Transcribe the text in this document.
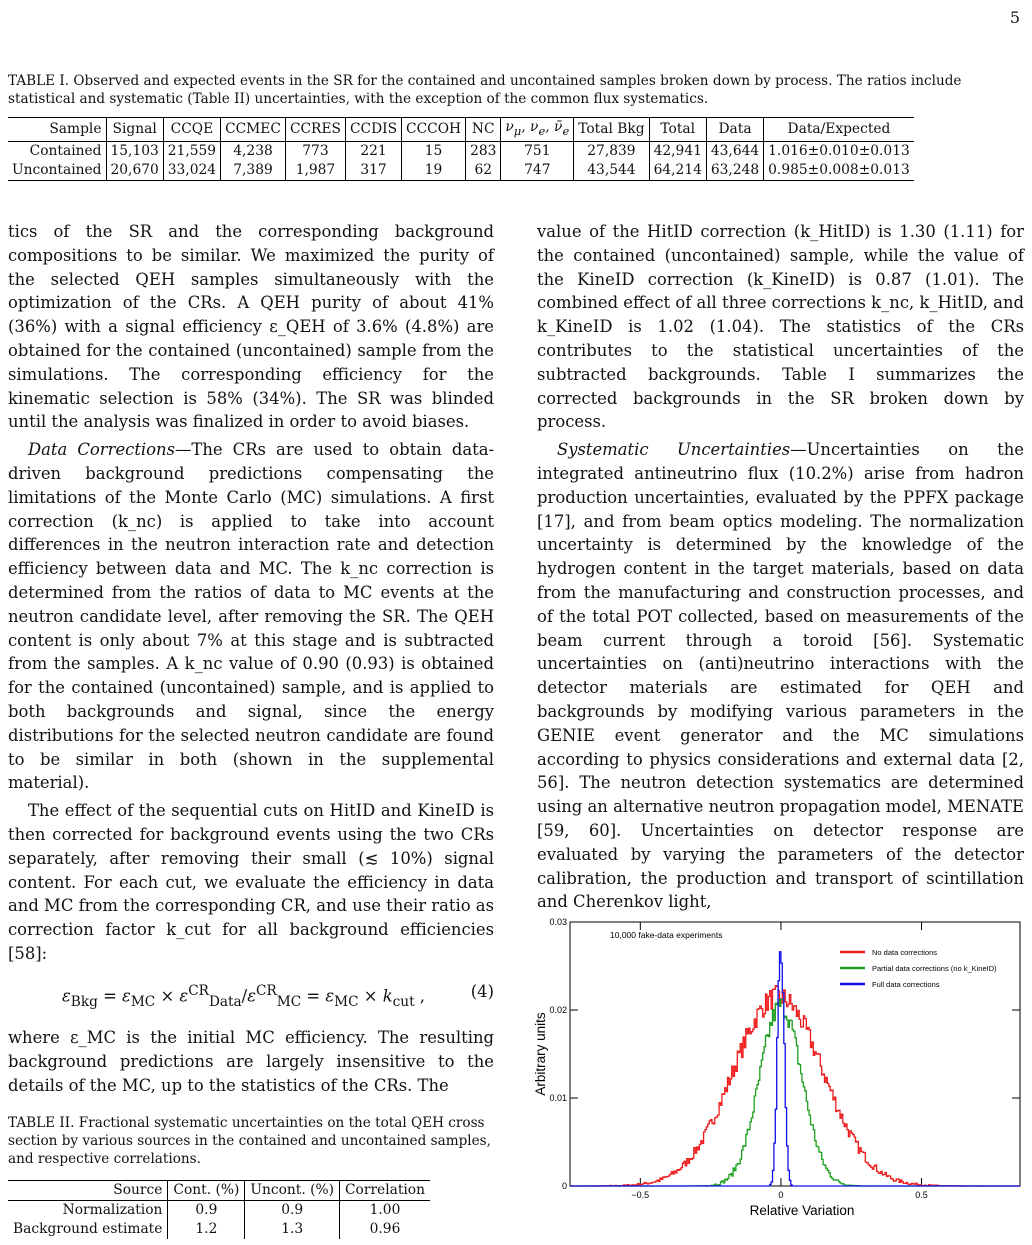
5
TABLE I. Observed and expected events in the SR for the contained and uncontained samples broken down by process. The ratios include statistical and systematic (Table II) uncertainties, with the exception of the common flux systematics.
Sample	Signal	CCQE	CCMEC	CCRES	CCDIS	CCCOH	NC	$\nu_\mu$, $\nu_e$, $\nū_e$	Total Bkg	Total	Data	Data/Expected
Contained	15,103	21,559	4,238	773	221	15	283	751	27,839	42,941	43,644	1.016±0.010±0.013
Uncontained	20,670	33,024	7,389	1,987	317	19	62	747	43,544	64,214	63,248	0.985±0.008±0.013

tics of the SR and the corresponding background compositions to be similar. We maximized the purity of the selected QEH samples simultaneously with the optimization of the CRs. A QEH purity of about 41% (36%) with a signal efficiency ε_QEH of 3.6% (4.8%) are obtained for the contained (uncontained) sample from the simulations. The corresponding efficiency for the kinematic selection is 58% (34%). The SR was blinded until the analysis was finalized in order to avoid biases.

Data Corrections—The CRs are used to obtain data-driven background predictions compensating the limitations of the Monte Carlo (MC) simulations. A first correction (k_nc) is applied to take into account differences in the neutron interaction rate and detection efficiency between data and MC. The k_nc correction is determined from the ratios of data to MC events at the neutron candidate level, after removing the SR. The QEH content is only about 7% at this stage and is subtracted from the samples. A k_nc value of 0.90 (0.93) is obtained for the contained (uncontained) sample, and is applied to both backgrounds and signal, since the energy distributions for the selected neutron candidate are found to be similar in both (shown in the supplemental material).

The effect of the sequential cuts on HitID and KineID is then corrected for background events using the two CRs separately, after removing their small (≲ 10%) signal content. For each cut, we evaluate the efficiency in data and MC from the corresponding CR, and use their ratio as correction factor k_cut for all background efficiencies [58]:

$\varepsilon_{Bkg} = \varepsilon_{MC} \times \varepsilon^{CR}_{Data}/\varepsilon^{CR}_{MC} = \varepsilon_{MC} \times k_{cut}$ ,	(4)

where ε_MC is the initial MC efficiency. The resulting background predictions are largely insensitive to the details of the MC, up to the statistics of the CRs. The

value of the HitID correction (k_HitID) is 1.30 (1.11) for the contained (uncontained) sample, while the value of the KineID correction (k_KineID) is 0.87 (1.01). The combined effect of all three corrections k_nc, k_HitID, and k_KineID is 1.02 (1.04). The statistics of the CRs contributes to the statistical uncertainties of the subtracted backgrounds. Table I summarizes the corrected backgrounds in the SR broken down by process.

Systematic Uncertainties—Uncertainties on the integrated antineutrino flux (10.2%) arise from hadron production uncertainties, evaluated by the PPFX package [17], and from beam optics modeling. The normalization uncertainty is determined by the knowledge of the hydrogen content in the target materials, based on data from the manufacturing and construction processes, and of the total POT collected, based on measurements of the beam current through a toroid [56]. Systematic uncertainties on (anti)neutrino interactions with the detector materials are estimated for QEH and backgrounds by modifying various parameters in the GENIE event generator and the MC simulations according to physics considerations and external data [2, 56]. The neutron detection systematics are determined using an alternative neutron propagation model, MENATE [59, 60]. Uncertainties on detector response are evaluated by varying the parameters of the detector calibration, the production and transport of scintillation and Cherenkov light,

TABLE II. Fractional systematic uncertainties on the total QEH cross section by various sources in the contained and uncontained samples, and respective correlations.
Source	Cont. (%)	Uncont. (%)	Correlation
Normalization	0.9	0.9	1.00
Background estimate	1.2	1.3	0.96
−0.5	0	0.5
0
0.01
0.02
0.03
10,000 fake-data experiments
No data corrections
Partial data corrections (no k_KineID)
Full data corrections
Arbitrary units
Relative Variation
